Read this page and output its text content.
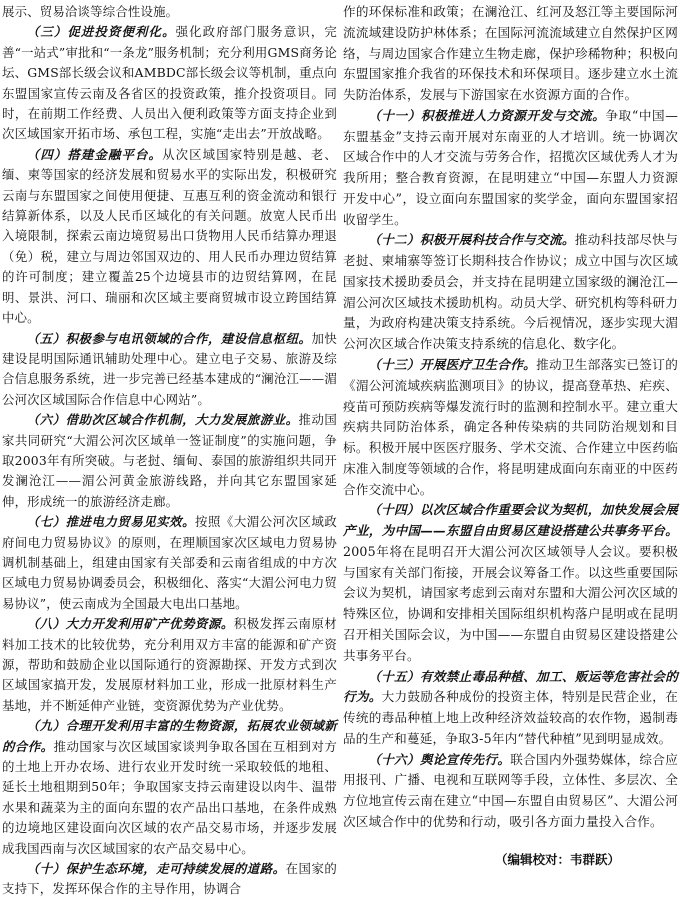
展示、贸易洽谈等综合性设施。

（三）促进投资便利化。强化政府部门服务意识，完善“一站式”审批和“一条龙”服务机制；充分利用GMS商务论坛、GMS部长级会议和AMBDC部长级会议等机制，重点向东盟国家宣传云南及各省区的投资政策，推介投资项目。同时，在前期工作经费、人员出入便利政策等方面支持企业到次区域国家开拓市场、承包工程，实施“走出去”开放战略。

（四）搭建金融平台。从次区域国家特别是越、老、缅、柬等国家的经济发展和贸易水平的实际出发，积极研究云南与东盟国家之间使用便捷、互惠互利的资金流动和银行结算新体系，以及人民币区域化的有关问题。放宽人民币出入境限制，探索云南边境贸易出口货物用人民币结算办理退（免）税，建立与周边邻国双边的、用人民币办理边贸结算的许可制度；建立覆盖25个边境县市的边贸结算网，在昆明、景洪、河口、瑞丽和次区域主要商贸城市设立跨国结算中心。

（五）积极参与电讯领域的合作，建设信息枢纽。加快建设昆明国际通讯辅助处理中心。建立电子交易、旅游及综合信息服务系统，进一步完善已经基本建成的“澜沧江——湄公河次区域国际合作信息中心网站”。

（六）借助次区域合作机制，大力发展旅游业。推动国家共同研究“大湄公河次区域单一签证制度”的实施问题，争取2003年有所突破。与老挝、缅甸、泰国的旅游组织共同开发澜沧江——湄公河黄金旅游线路，并向其它东盟国家延伸，形成统一的旅游经济走廊。

（七）推进电力贸易见实效。按照《大湄公河次区域政府间电力贸易协议》的原则，在理顺国家次区域电力贸易协调机制基础上，组建由国家有关部委和云南省组成的中方次区域电力贸易协调委员会，积极细化、落实“大湄公河电力贸易协议”，使云南成为全国最大电出口基地。

（八）大力开发利用矿产优势资源。积极发挥云南原材料加工技术的比较优势，充分利用双方丰富的能源和矿产资源，帮助和鼓励企业以国际通行的资源勘探、开发方式到次区域国家搞开发，发展原材料加工业，形成一批原材料生产基地，并不断延伸产业链，变资源优势为产业优势。

（九）合理开发利用丰富的生物资源，拓展农业领域新的合作。推动国家与次区域国家谈判争取各国在互相到对方的土地上开办农场、进行农业开发时统一采取较低的地租、延长土地租期到50年；争取国家支持云南建设以肉牛、温带水果和蔬菜为主的面向东盟的农产品出口基地，在条件成熟的边境地区建设面向次区域的农产品交易市场，并逐步发展成我国西南与次区域国家的农产品交易中心。

（十）保护生态环境，走可持续发展的道路。在国家的支持下，发挥环保合作的主导作用，协调合

作的环保标准和政策；在澜沧江、红河及怒江等主要国际河流流域建设防护林体系；在国际河流流域建立自然保护区网络，与周边国家合作建立生物走廊，保护珍稀物种；积极向东盟国家推介我省的环保技术和环保项目。逐步建立水土流失防治体系，发展与下游国家在水资源方面的合作。

（十一）积极推进人力资源开发与交流。争取“中国—东盟基金”支持云南开展对东南亚的人才培训。统一协调次区域合作中的人才交流与劳务合作，招揽次区域优秀人才为我所用；整合教育资源，在昆明建立“中国—东盟人力资源开发中心”，设立面向东盟国家的奖学金，面向东盟国家招收留学生。

（十二）积极开展科技合作与交流。推动科技部尽快与老挝、柬埔寨等签订长期科技合作协议；成立中国与次区域国家技术援助委员会，并支持在昆明建立国家级的澜沧江—湄公河次区域技术援助机构。动员大学、研究机构等科研力量，为政府构建决策支持系统。今后视情况，逐步实现大湄公河次区域合作决策支持系统的信息化、数字化。

（十三）开展医疗卫生合作。推动卫生部落实已签订的《湄公河流域疾病监测项目》的协议，提高登革热、疟疾、疫苗可预防疾病等爆发流行时的监测和控制水平。建立重大疾病共同防治体系，确定各种传染病的共同防治规划和目标。积极开展中医医疗服务、学术交流、合作建立中医药临床准入制度等领域的合作，将昆明建成面向东南亚的中医药合作交流中心。

（十四）以次区域合作重要会议为契机，加快发展会展产业，为中国——东盟自由贸易区建设搭建公共事务平台。2005年将在昆明召开大湄公河次区域领导人会议。要积极与国家有关部门衔接，开展会议筹备工作。以这些重要国际会议为契机，请国家考虑到云南对东盟和大湄公河次区域的特殊区位，协调和安排相关国际组织机构落户昆明或在昆明召开相关国际会议，为中国——东盟自由贸易区建设搭建公共事务平台。

（十五）有效禁止毒品种植、加工、贩运等危害社会的行为。大力鼓励各种成份的投资主体，特别是民营企业，在传统的毒品种植上地上改种经济效益较高的农作物，遏制毒品的生产和蔓延，争取3-5年内“替代种植”见到明显成效。

（十六）舆论宣传先行。联合国内外强势媒体，综合应用报刊、广播、电视和互联网等手段，立体性、多层次、全方位地宣传云南在建立“中国—东盟自由贸易区”、大湄公河次区域合作中的优势和行动，吸引各方面力量投入合作。

（编辑校对：韦群跃）
